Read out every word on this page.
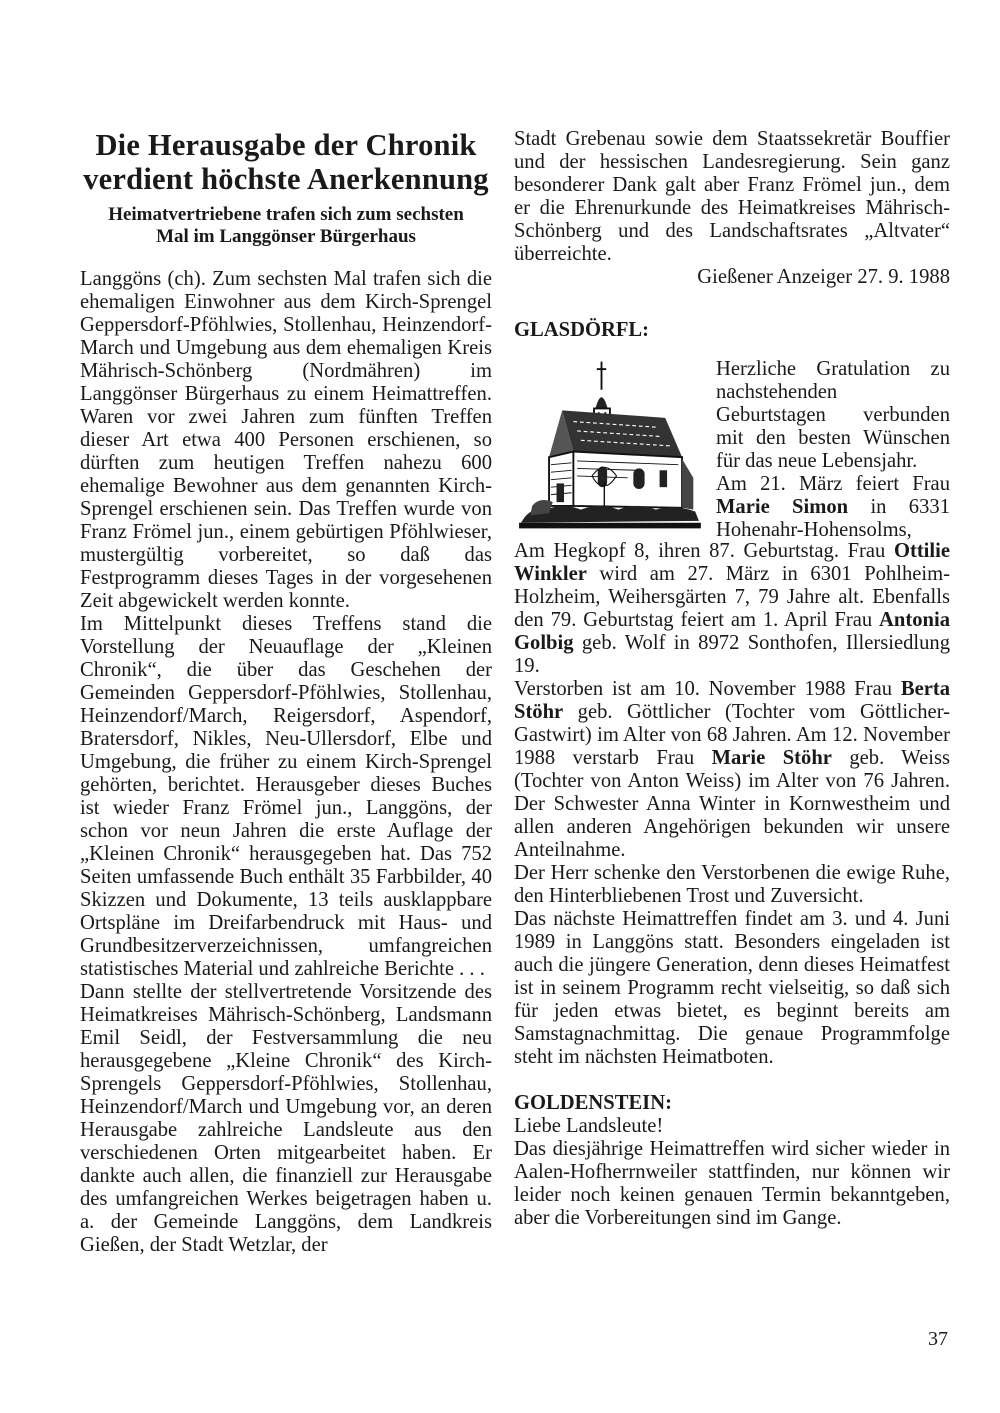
Die Herausgabe der Chronik
verdient höchste Anerkennung
Heimatvertriebene trafen sich zum sechsten
Mal im Langgönser Bürgerhaus

Langgöns (ch). Zum sechsten Mal trafen sich die ehemaligen Einwohner aus dem Kirch-Sprengel Geppersdorf-Pföhlwies, Stollenhau, Heinzendorf-March und Umgebung aus dem ehemaligen Kreis Mährisch-Schönberg (Nordmähren) im Langgönser Bürgerhaus zu einem Heimattreffen. Waren vor zwei Jahren zum fünften Treffen dieser Art etwa 400 Personen erschienen, so dürften zum heutigen Treffen nahezu 600 ehemalige Bewohner aus dem genannten Kirch-Sprengel erschienen sein. Das Treffen wurde von Franz Frömel jun., einem gebürtigen Pföhlwieser, mustergültig vorbereitet, so daß das Festprogramm dieses Tages in der vorgesehenen Zeit abgewickelt werden konnte.

Im Mittelpunkt dieses Treffens stand die Vorstellung der Neuauflage der „Kleinen Chronik“, die über das Geschehen der Gemeinden Geppersdorf-Pföhlwies, Stollenhau, Heinzendorf/March, Reigersdorf, Aspendorf, Bratersdorf, Nikles, Neu-Ullersdorf, Elbe und Umgebung, die früher zu einem Kirch-Sprengel gehörten, berichtet. Herausgeber dieses Buches ist wieder Franz Frömel jun., Langgöns, der schon vor neun Jahren die erste Auflage der „Kleinen Chronik“ herausgegeben hat. Das 752 Seiten umfassende Buch enthält 35 Farbbilder, 40 Skizzen und Dokumente, 13 teils ausklappbare Ortspläne im Dreifarbendruck mit Haus- und Grundbesitzerverzeichnissen, umfangreichen statistisches Material und zahlreiche Berichte . . .

Dann stellte der stellvertretende Vorsitzende des Heimatkreises Mährisch-Schönberg, Landsmann Emil Seidl, der Festversammlung die neu herausgegebene „Kleine Chronik“ des Kirch-Sprengels Geppersdorf-Pföhlwies, Stollenhau, Heinzendorf/March und Umgebung vor, an deren Herausgabe zahlreiche Landsleute aus den verschiedenen Orten mitgearbeitet haben. Er dankte auch allen, die finanziell zur Herausgabe des umfangreichen Werkes beigetragen haben u. a. der Gemeinde Langgöns, dem Landkreis Gießen, der Stadt Wetzlar, der

Stadt Grebenau sowie dem Staatssekretär Bouffier und der hessischen Landesregierung. Sein ganz besonderer Dank galt aber Franz Frömel jun., dem er die Ehrenurkunde des Heimatkreises Mährisch-Schönberg und des Landschaftsrates „Altvater“ überreichte.

Gießener Anzeiger 27. 9. 1988

GLASDÖRFL:

Herzliche Gratulation zu nachstehenden Geburtstagen verbunden mit den besten Wünschen für das neue Lebensjahr.

Am 21. März feiert Frau Marie Simon in 6331 Hohenahr-Hohensolms,

Am Hegkopf 8, ihren 87. Geburtstag. Frau Ottilie Winkler wird am 27. März in 6301 Pohlheim-Holzheim, Weihersgärten 7, 79 Jahre alt. Ebenfalls den 79. Geburtstag feiert am 1. April Frau Antonia Golbig geb. Wolf in 8972 Sonthofen, Illersiedlung 19.

Verstorben ist am 10. November 1988 Frau Berta Stöhr geb. Göttlicher (Tochter vom Göttlicher-Gastwirt) im Alter von 68 Jahren. Am 12. November 1988 verstarb Frau Marie Stöhr geb. Weiss (Tochter von Anton Weiss) im Alter von 76 Jahren. Der Schwester Anna Winter in Kornwestheim und allen anderen Angehörigen bekunden wir unsere Anteilnahme.

Der Herr schenke den Verstorbenen die ewige Ruhe, den Hinterbliebenen Trost und Zuversicht.

Das nächste Heimattreffen findet am 3. und 4. Juni 1989 in Langgöns statt. Besonders eingeladen ist auch die jüngere Generation, denn dieses Heimatfest ist in seinem Programm recht vielseitig, so daß sich für jeden etwas bietet, es beginnt bereits am Samstagnachmittag. Die genaue Programmfolge steht im nächsten Heimatboten.

GOLDENSTEIN:

Liebe Landsleute!

Das diesjährige Heimattreffen wird sicher wieder in Aalen-Hofherrnweiler stattfinden, nur können wir leider noch keinen genauen Termin bekanntgeben, aber die Vorbereitungen sind im Gange.

37
